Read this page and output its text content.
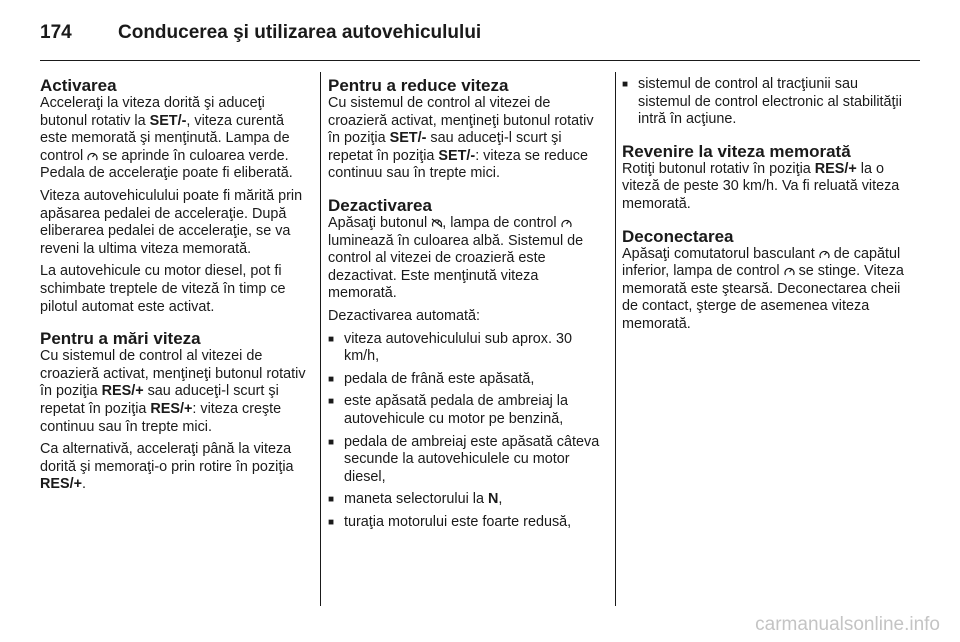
174 Conducerea şi utilizarea autovehiculului
Activarea

Acceleraţi la viteza dorită şi aduceţi butonul rotativ la SET/-, viteza curentă este memorată şi menţinută. Lampa de control
se aprinde în culoarea verde. Pedala de acceleraţie poate fi eliberată.

Viteza autovehiculului poate fi mărită prin apăsarea pedalei de acceleraţie. După eliberarea pedalei de acceleraţie, se va reveni la ultima viteza memorată.

La autovehicule cu motor diesel, pot fi schimbate treptele de viteză în timp ce pilotul automat este activat.

Pentru a mări viteza

Cu sistemul de control al vitezei de croazieră activat, menţineţi butonul rotativ în poziţia RES/+ sau aduceţi-l scurt şi repetat în poziţia RES/+: viteza creşte continuu sau în trepte mici.

Ca alternativă, acceleraţi până la viteza dorită şi memoraţi-o prin rotire în poziţia RES/+.

Pentru a reduce viteza

Cu sistemul de control al vitezei de croazieră activat, menţineţi butonul rotativ în poziţia SET/- sau aduceţi-l scurt şi repetat în poziţia SET/-: viteza se reduce continuu sau în trepte mici.

Dezactivarea

Apăsaţi butonul
, lampa de control
luminează în culoarea albă. Sistemul de control al vitezei de croazieră este dezactivat. Este menţinută viteza memorată.

Dezactivarea automată:

■ viteza autovehiculului sub aprox. 30 km/h,
■ pedala de frână este apăsată,
■ este apăsată pedala de ambreiaj la autovehicule cu motor pe benzină,
■ pedala de ambreiaj este apăsată câteva secunde la autovehiculele cu motor diesel,
■ maneta selectorului la N,
■ turaţia motorului este foarte redusă,
■ sistemul de control al tracţiunii sau sistemul de control electronic al stabilităţii intră în acţiune.
Revenire la viteza memorată

Rotiţi butonul rotativ în poziţia RES/+ la o viteză de peste 30 km/h. Va fi reluată viteza memorată.

Deconectarea

Apăsaţi comutatorul basculant
de capătul inferior, lampa de control
se stinge. Viteza memorată este ştearsă. Deconectarea cheii de contact, şterge de asemenea viteza memorată.

carmanualsonline.info
